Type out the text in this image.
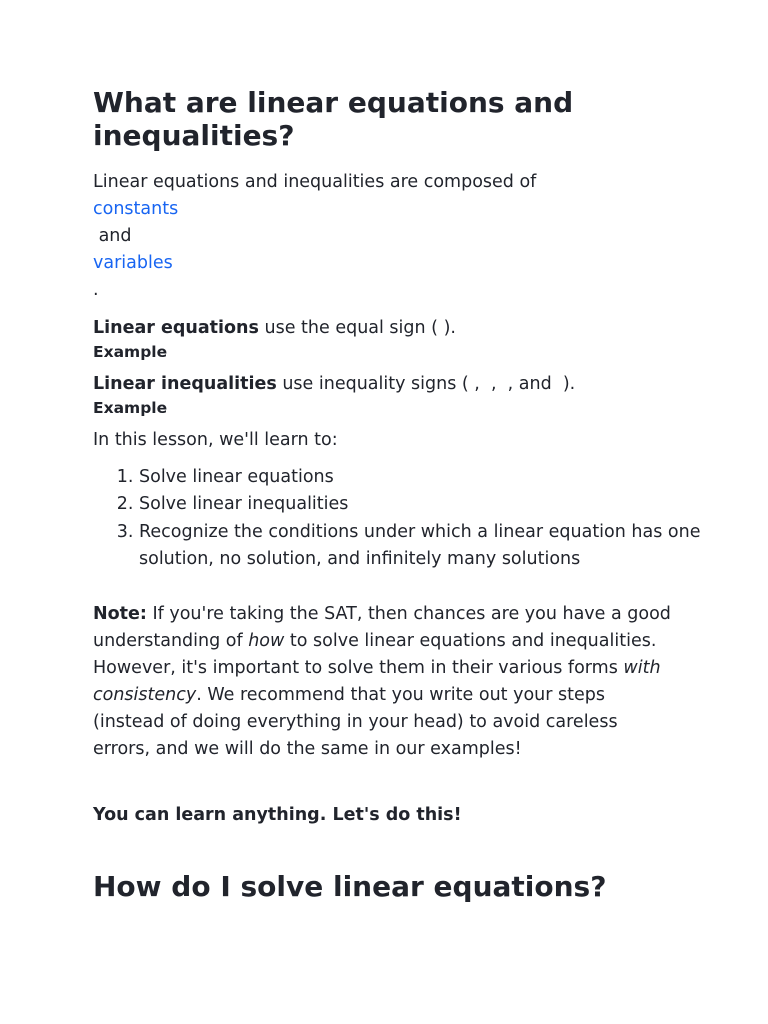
What are linear equations and inequalities?

Linear equations and inequalities are composed of
constants
and
variables
.

Linear equations use the equal sign ( ).
Example

Linear inequalities use inequality signs ( ,  ,  , and  ).
Example

In this lesson, we'll learn to:

1. Solve linear equations
2. Solve linear inequalities
3. Recognize the conditions under which a linear equation has one solution, no solution, and infinitely many solutions

Note: If you're taking the SAT, then chances are you have a good understanding of how to solve linear equations and inequalities. However, it's important to solve them in their various forms with consistency. We recommend that you write out your steps (instead of doing everything in your head) to avoid careless errors, and we will do the same in our examples!

You can learn anything. Let's do this!

How do I solve linear equations?
